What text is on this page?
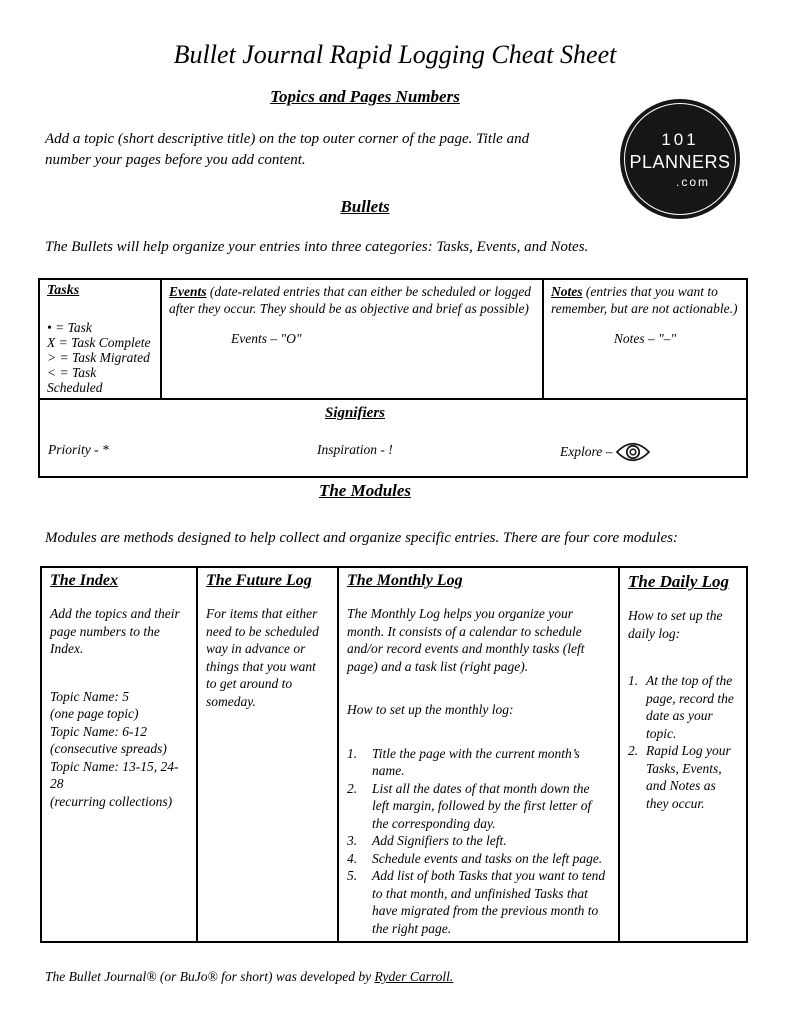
Bullet Journal Rapid Logging Cheat Sheet
101
PLANNERS
.com
Topics and Pages Numbers

Add a topic (short descriptive title) on the top outer corner of the page. Title and number your pages before you add content.

Bullets

The Bullets will help organize your entries into three categories: Tasks, Events, and Notes.

Tasks
• = Task
X = Task Complete
> = Task Migrated
< = Task Scheduled

Events (date-related entries that can either be scheduled or logged after they occur. They should be as objective and brief as possible)
Events – "O"

Notes (entries that you want to remember, but are not actionable.)
Notes – "–"

Signifiers
Priority - *	Inspiration - !	Explore –
The Modules

Modules are methods designed to help collect and organize specific entries. There are four core modules:

The Index

Add the topics and their page numbers to the Index.

Topic Name: 5
(one page topic)
Topic Name: 6-12
(consecutive spreads)
Topic Name: 13-15, 24-28
(recurring collections)

The Future Log

For items that either need to be scheduled way in advance or things that you want to get around to someday.

The Monthly Log

The Monthly Log helps you organize your month. It consists of a calendar to schedule and/or record events and monthly tasks (left page) and a task list (right page).

How to set up the monthly log:
1.	Title the page with the current month’s name.
2.	List all the dates of that month down the left margin, followed by the first letter of the corresponding day.
3.	Add Signifiers to the left.
4.	Schedule events and tasks on the left page.
5.	Add list of both Tasks that you want to tend to that month, and unfinished Tasks that have migrated from the previous month to the right page.

The Daily Log

How to set up the daily log:

1. At the top of the page, record the date as your topic.
2. Rapid Log your Tasks, Events, and Notes as they occur.

The Bullet Journal® (or BuJo® for short) was developed by Ryder Carroll.
